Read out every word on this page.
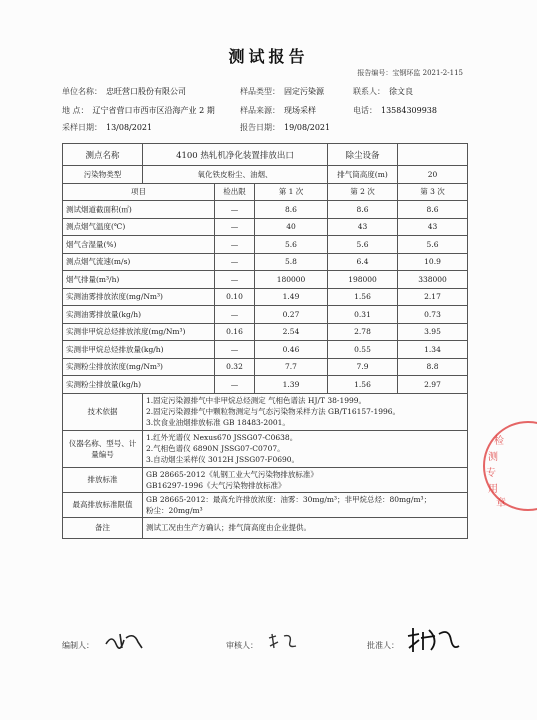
测试报告
报告编号：宝钢环监 2021-2-115
单位名称： 忠旺营口股份有限公司	样品类型： 固定污染源	联系人： 徐文良
地 点： 辽宁省营口市西市区沿海产业 2 期	样品来源： 现场采样	电话： 13584309938
采样日期： 13/08/2021	报告日期： 19/08/2021
测点名称	4100 热轧机净化装置排放出口			除尘设备	
污染物类型	氧化铁皮粉尘、油烟、			排气筒高度(m)	20
项目		检出限	第 1 次	第 2 次	第 3 次
测试烟道截面积(㎡)		—	8.6	8.6	8.6
测点烟气温度(℃)		—	40	43	43
烟气含湿量(%)		—	5.6	5.6	5.6
测点烟气流速(m/s)		—	5.8	6.4	10.9
烟气排量(m³/h)		—	180000	198000	338000
实测油雾排放浓度(mg/Nm³)		0.10	1.49	1.56	2.17
实测油雾排放量(kg/h)		—	0.27	0.31	0.73
实测非甲烷总烃排放浓度(mg/Nm³)		0.16	2.54	2.78	3.95
实测非甲烷总烃排放量(kg/h)		—	0.46	0.55	1.34
实测粉尘排放浓度(mg/Nm³)		0.32	7.7	7.9	8.8
实测粉尘排放量(kg/h)		—	1.39	1.56	2.97
技术依据	1.固定污染源排气中非甲烷总烃测定 气相色谱法 HJ/T 38-1999。
2.固定污染源排气中颗粒物测定与气态污染物采样方法 GB/T16157-1996。
3.饮食业油烟排放标准 GB 18483-2001。				

仪器名称、型号、计量编号	1.红外光谱仪 Nexus670 JSSG07-C0638。
2.气相色谱仪 6890N JSSG07-C0707。
3.自动烟尘采样仪 3012H JSSG07-F0690。				

排放标准	GB 28665-2012《轧钢工业大气污染物排放标准》
GB16297-1996《大气污染物排放标准》				

最高排放标准限值	GB 28665-2012：最高允许排放浓度：油雾：30mg/m³；非甲烷总烃：80mg/m³；
粉尘：20mg/m³				

备注	测试工况由生产方确认；排气筒高度由企业提供。				
编制人：	审核人：	批准人：
检
测
专
用
章
